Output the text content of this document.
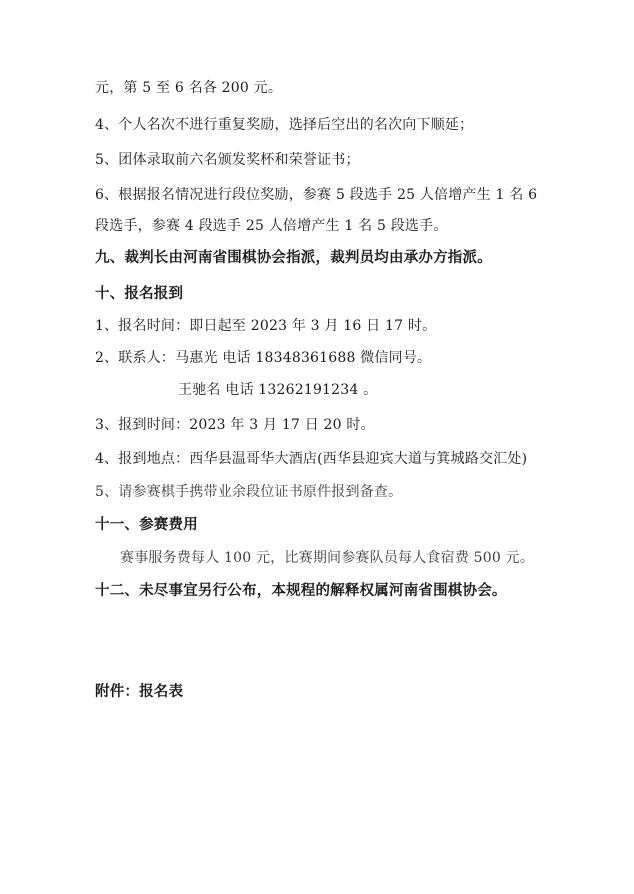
元，第 5 至 6 名各 200 元。
4、个人名次不进行重复奖励，选择后空出的名次向下顺延；
5、团体录取前六名颁发奖杯和荣誉证书；
6、根据报名情况进行段位奖励，参赛 5 段选手 25 人倍增产生 1 名 6
段选手，参赛 4 段选手 25 人倍增产生 1 名 5 段选手。
九、裁判长由河南省围棋协会指派，裁判员均由承办方指派。
十、报名报到
1、报名时间：即日起至 2023 年 3 月 16 日 17 时。
2、联系人：马惠光 电话 18348361688 微信同号。
王驰名 电话 13262191234 。
3、报到时间：2023 年 3 月 17 日 20 时。
4、报到地点：西华县温哥华大酒店(西华县迎宾大道与箕城路交汇处)
5、请参赛棋手携带业余段位证书原件报到备查。
十一、参赛费用
赛事服务费每人 100 元，比赛期间参赛队员每人食宿费 500 元。
十二、未尽事宜另行公布，本规程的解释权属河南省围棋协会。
附件：报名表
